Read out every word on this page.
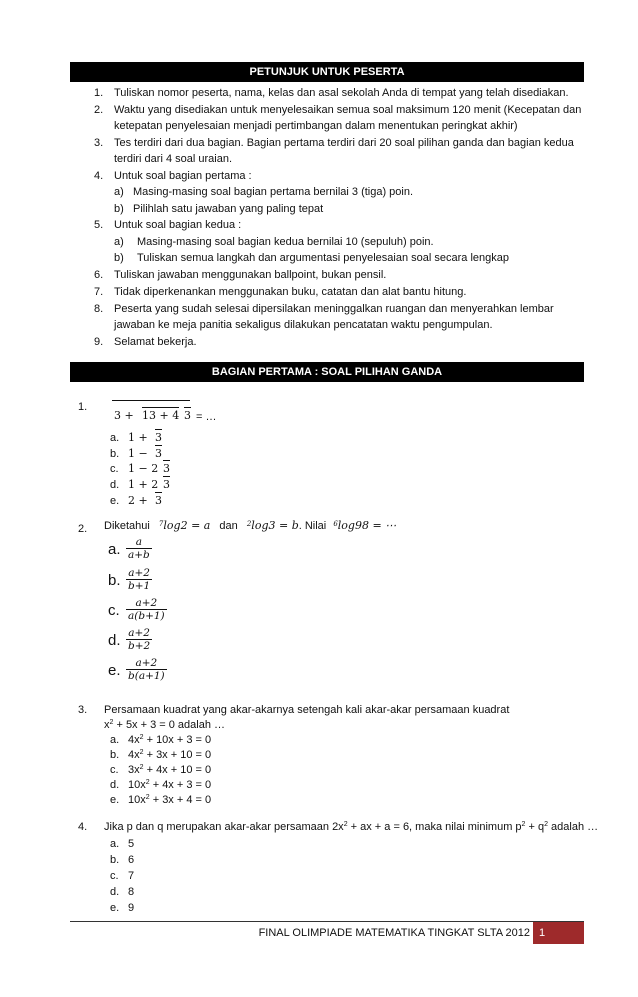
PETUNJUK UNTUK PESERTA
1. Tuliskan nomor peserta, nama, kelas dan asal sekolah Anda di tempat yang telah disediakan.
2. Waktu yang disediakan untuk menyelesaikan semua soal maksimum 120 menit (Kecepatan dan
ketepatan penyelesaian menjadi pertimbangan dalam menentukan peringkat akhir)
3. Tes terdiri dari dua bagian. Bagian pertama terdiri dari 20 soal pilihan ganda dan bagian kedua
terdiri dari 4 soal uraian.
4. Untuk soal bagian pertama :
a) Masing-masing soal bagian pertama bernilai 3 (tiga) poin.
b) Pilihlah satu jawaban yang paling tepat
5. Untuk soal bagian kedua :
a) Masing-masing soal bagian kedua bernilai 10 (sepuluh) poin.
b) Tuliskan semua langkah dan argumentasi penyelesaian soal secara lengkap
6. Tuliskan jawaban menggunakan ballpoint, bukan pensil.
7. Tidak diperkenankan menggunakan buku, catatan dan alat bantu hitung.
8. Peserta yang sudah selesai dipersilakan meninggalkan ruangan dan menyerahkan lembar
jawaban ke meja panitia sekaligus dilakukan pencatatan waktu pengumpulan.
9. Selamat bekerja.
BAGIAN PERTAMA : SOAL PILIHAN GANDA
1.
3 + 13 + 4 3 = …
a. 1 + 3
b. 1 − 3
c. 1 − 2 3
d. 1 + 2 3
e. 2 + 3
2. Diketahui $^7$log2 = a dan $^2$log3 = b. Nilai $^6$log98 = ⋯
a. $\frac{a}{a+b}$
b. $\frac{a+2}{b+1}$
c. $\frac{a+2}{a(b+1)}$
d. $\frac{a+2}{b+2}$
e. $\frac{a+2}{b(a+1)}$
3. Persamaan kuadrat yang akar-akarnya setengah kali akar-akar persamaan kuadrat
$x^2 + 5x + 3 = 0$ adalah …
a. $4x^2 + 10x + 3 = 0$
b. $4x^2 + 3x + 10 = 0$
c. $3x^2 + 4x + 10 = 0$
d. $10x^2 + 4x + 3 = 0$
e. $10x^2 + 3x + 4 = 0$
4. Jika p dan q merupakan akar-akar persamaan $2x^2$ + ax + a = 6, maka nilai minimum $p^2 + q^2$ adalah …
a. 5
b. 6
c. 7
d. 8
e. 9
FINAL OLIMPIADE MATEMATIKA TINGKAT SLTA 2012 1
